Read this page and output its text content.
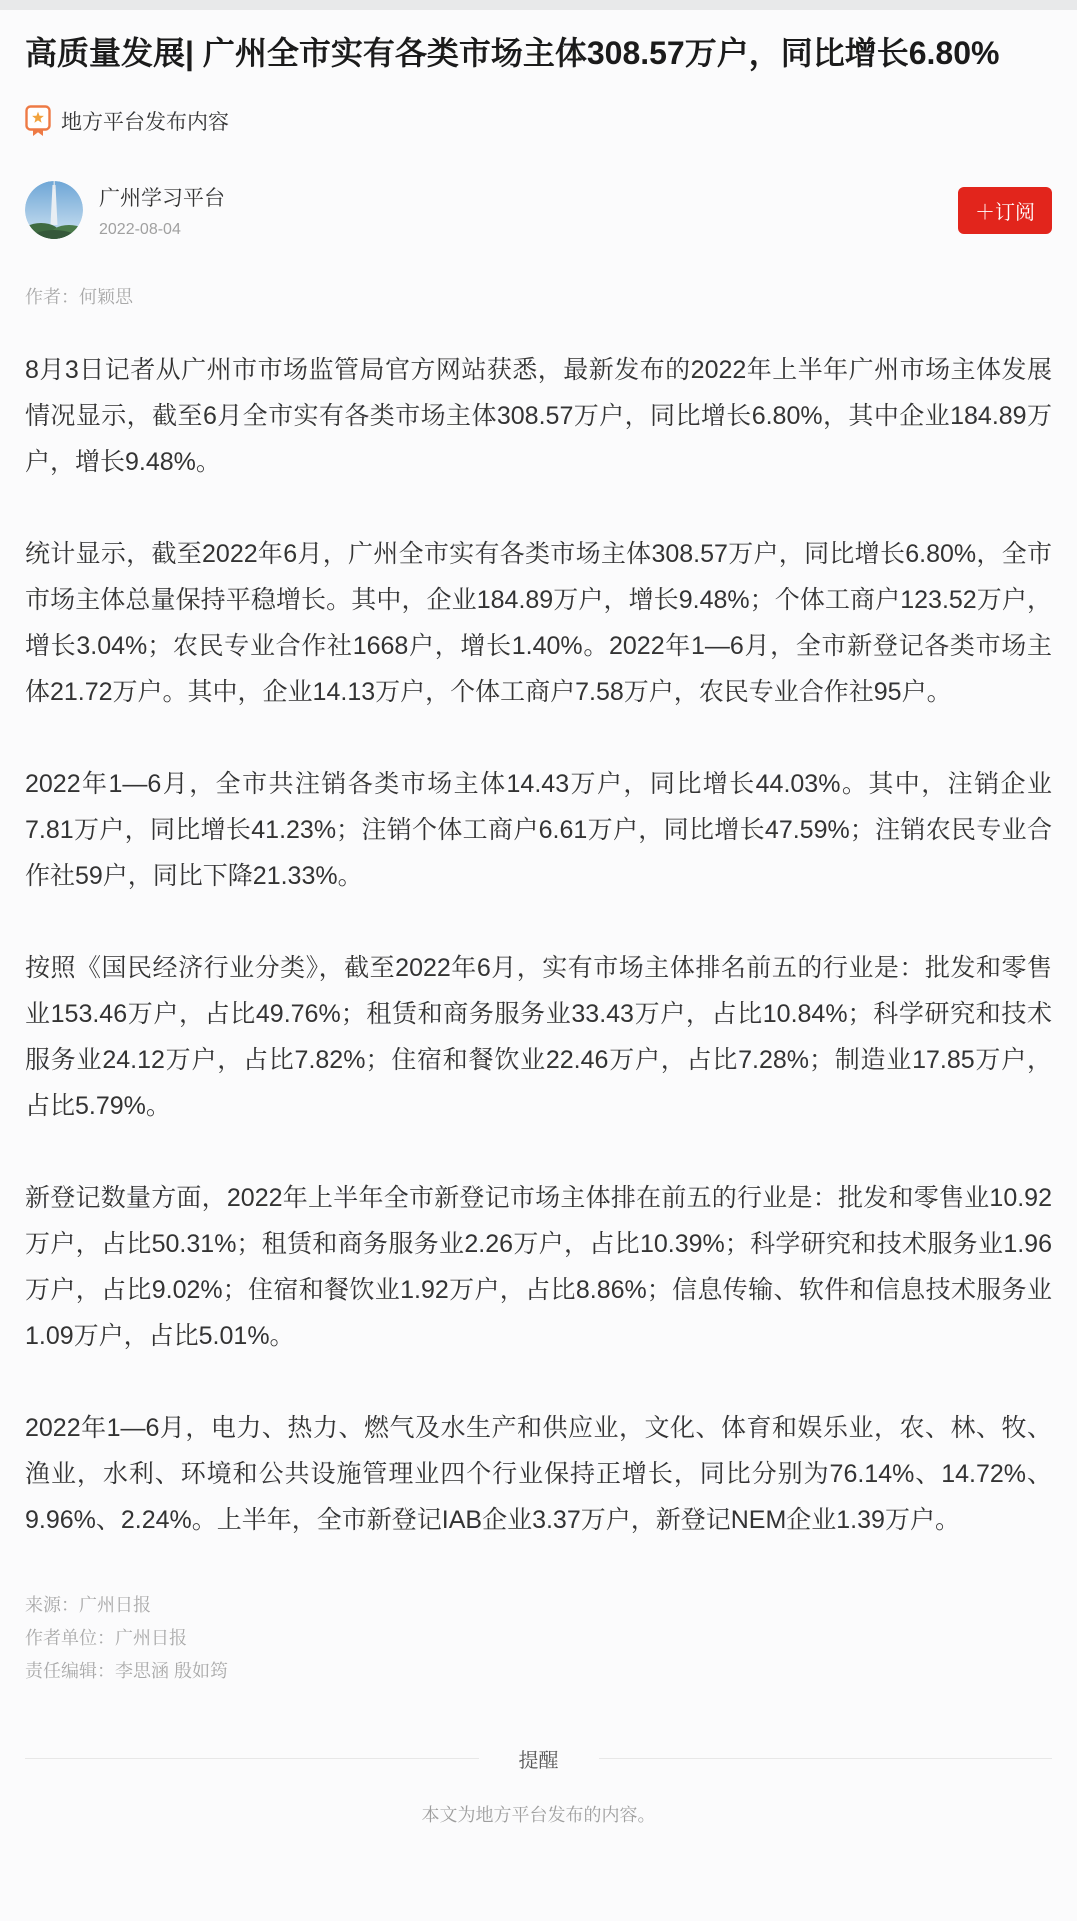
高质量发展| 广州全市实有各类市场主体308.57万户，同比增长6.80%
地方平台发布内容
广州学习平台
2022-08-04
＋订阅
作者：何颖思

8月3日记者从广州市市场监管局官方网站获悉，最新发布的2022年上半年广州市场主体发展情况显示，截至6月全市实有各类市场主体308.57万户，同比增长6.80%，其中企业184.89万户，增长9.48%。

统计显示，截至2022年6月，广州全市实有各类市场主体308.57万户，同比增长6.80%，全市市场主体总量保持平稳增长。其中，企业184.89万户，增长9.48%；个体工商户123.52万户，增长3.04%；农民专业合作社1668户，增长1.40%。2022年1—6月，全市新登记各类市场主体21.72万户。其中，企业14.13万户，个体工商户7.58万户，农民专业合作社95户。

2022年1—6月，全市共注销各类市场主体14.43万户，同比增长44.03%。其中，注销企业7.81万户，同比增长41.23%；注销个体工商户6.61万户，同比增长47.59%；注销农民专业合作社59户，同比下降21.33%。

按照《国民经济行业分类》，截至2022年6月，实有市场主体排名前五的行业是：批发和零售业153.46万户，占比49.76%；租赁和商务服务业33.43万户，占比10.84%；科学研究和技术服务业24.12万户，占比7.82%；住宿和餐饮业22.46万户，占比7.28%；制造业17.85万户，占比5.79%。

新登记数量方面，2022年上半年全市新登记市场主体排在前五的行业是：批发和零售业10.92万户，占比50.31%；租赁和商务服务业2.26万户，占比10.39%；科学研究和技术服务业1.96万户，占比9.02%；住宿和餐饮业1.92万户，占比8.86%；信息传输、软件和信息技术服务业1.09万户，占比5.01%。

2022年1—6月，电力、热力、燃气及水生产和供应业，文化、体育和娱乐业，农、林、牧、渔业，水利、环境和公共设施管理业四个行业保持正增长，同比分别为76.14%、14.72%、9.96%、2.24%。上半年，全市新登记IAB企业3.37万户，新登记NEM企业1.39万户。

来源：广州日报
作者单位：广州日报
责任编辑：李思涵 殷如筠
提醒
本文为地方平台发布的内容。
